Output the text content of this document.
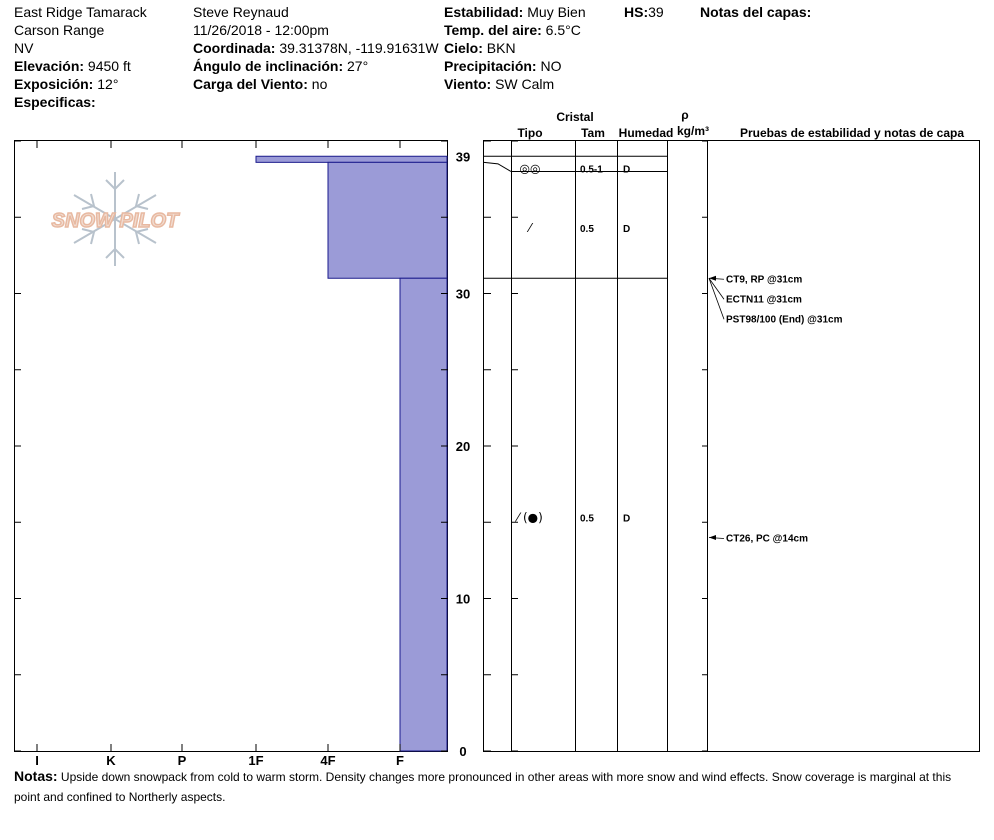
East Ridge Tamarack
Carson Range
NV
Elevación: 9450 ft
Exposición: 12°
Especificas:
Steve Reynaud
11/26/2018 - 12:00pm
Coordinada: 39.31378N, -119.91631W
Ángulo de inclinación: 27°
Carga del Viento: no
Estabilidad: Muy Bien
Temp. del aire: 6.5°C
Cielo: BKN
Precipitación: NO
Viento: SW Calm
HS:39	Notas del capas:
SNOW PILOT
I	K	P	1F	4F	F
0
10
20
30
39
Cristal
Tipo	Tam Humedad
ρ
kg/m³	Pruebas de estabilidad y notas de capa
◎◎	0.5-1 D
⁄	0.5	D
⁄ (●)	0.5	D
CT26, PC @14cm
CT9, RP @31cm
ECTN11 @31cm
PST98/100 (End) @31cm
Notas: Upside down snowpack from cold to warm storm. Density changes more pronounced in other areas with more snow and wind effects. Snow coverage is marginal at this point and confined to Northerly aspects.
